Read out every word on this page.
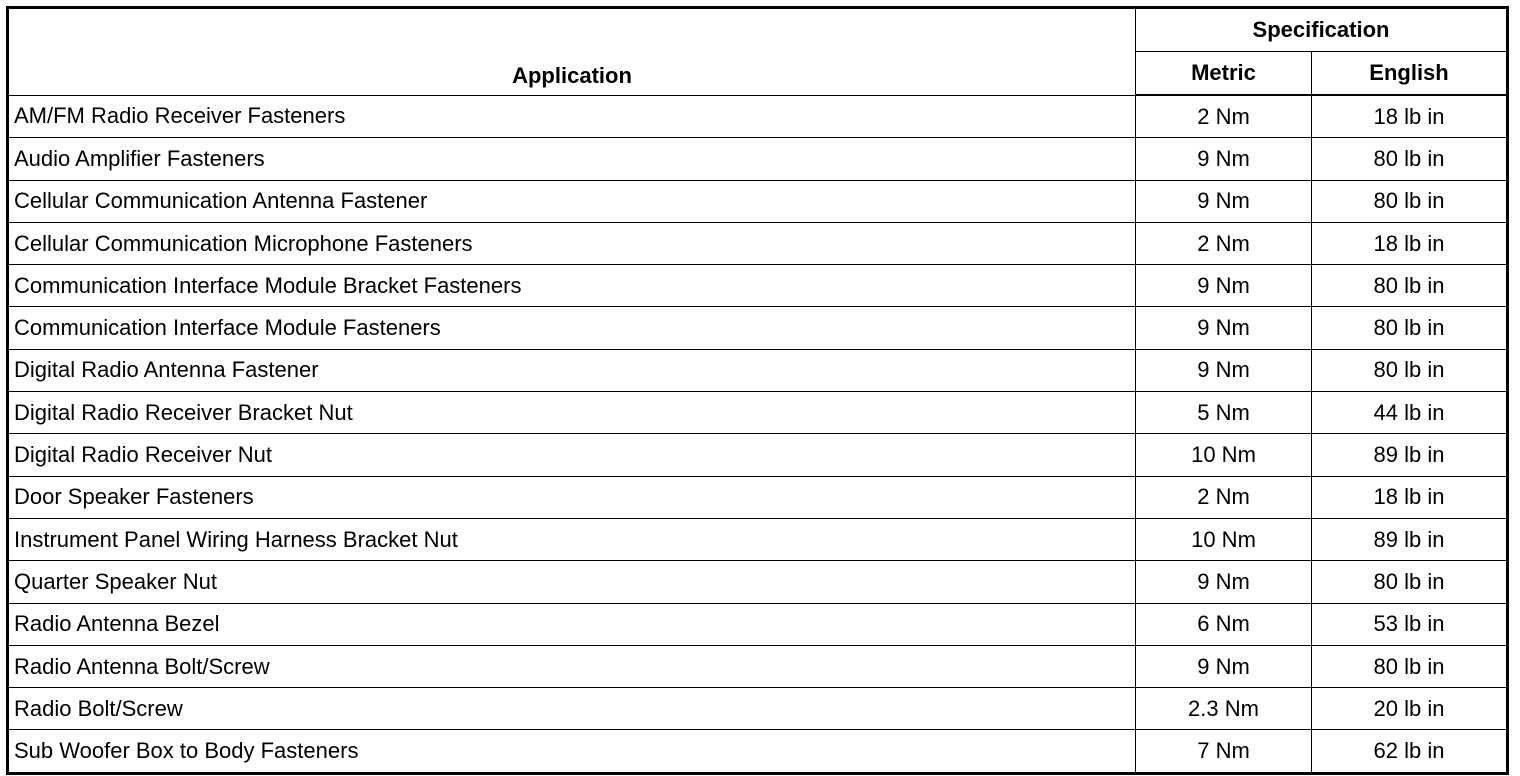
Application	Specification	
	Metric	English
AM/FM Radio Receiver Fasteners	2 Nm	18 lb in
Audio Amplifier Fasteners	9 Nm	80 lb in
Cellular Communication Antenna Fastener	9 Nm	80 lb in
Cellular Communication Microphone Fasteners	2 Nm	18 lb in
Communication Interface Module Bracket Fasteners	9 Nm	80 lb in
Communication Interface Module Fasteners	9 Nm	80 lb in
Digital Radio Antenna Fastener	9 Nm	80 lb in
Digital Radio Receiver Bracket Nut	5 Nm	44 lb in
Digital Radio Receiver Nut	10 Nm	89 lb in
Door Speaker Fasteners	2 Nm	18 lb in
Instrument Panel Wiring Harness Bracket Nut	10 Nm	89 lb in
Quarter Speaker Nut	9 Nm	80 lb in
Radio Antenna Bezel	6 Nm	53 lb in
Radio Antenna Bolt/Screw	9 Nm	80 lb in
Radio Bolt/Screw	2.3 Nm	20 lb in
Sub Woofer Box to Body Fasteners	7 Nm	62 lb in
